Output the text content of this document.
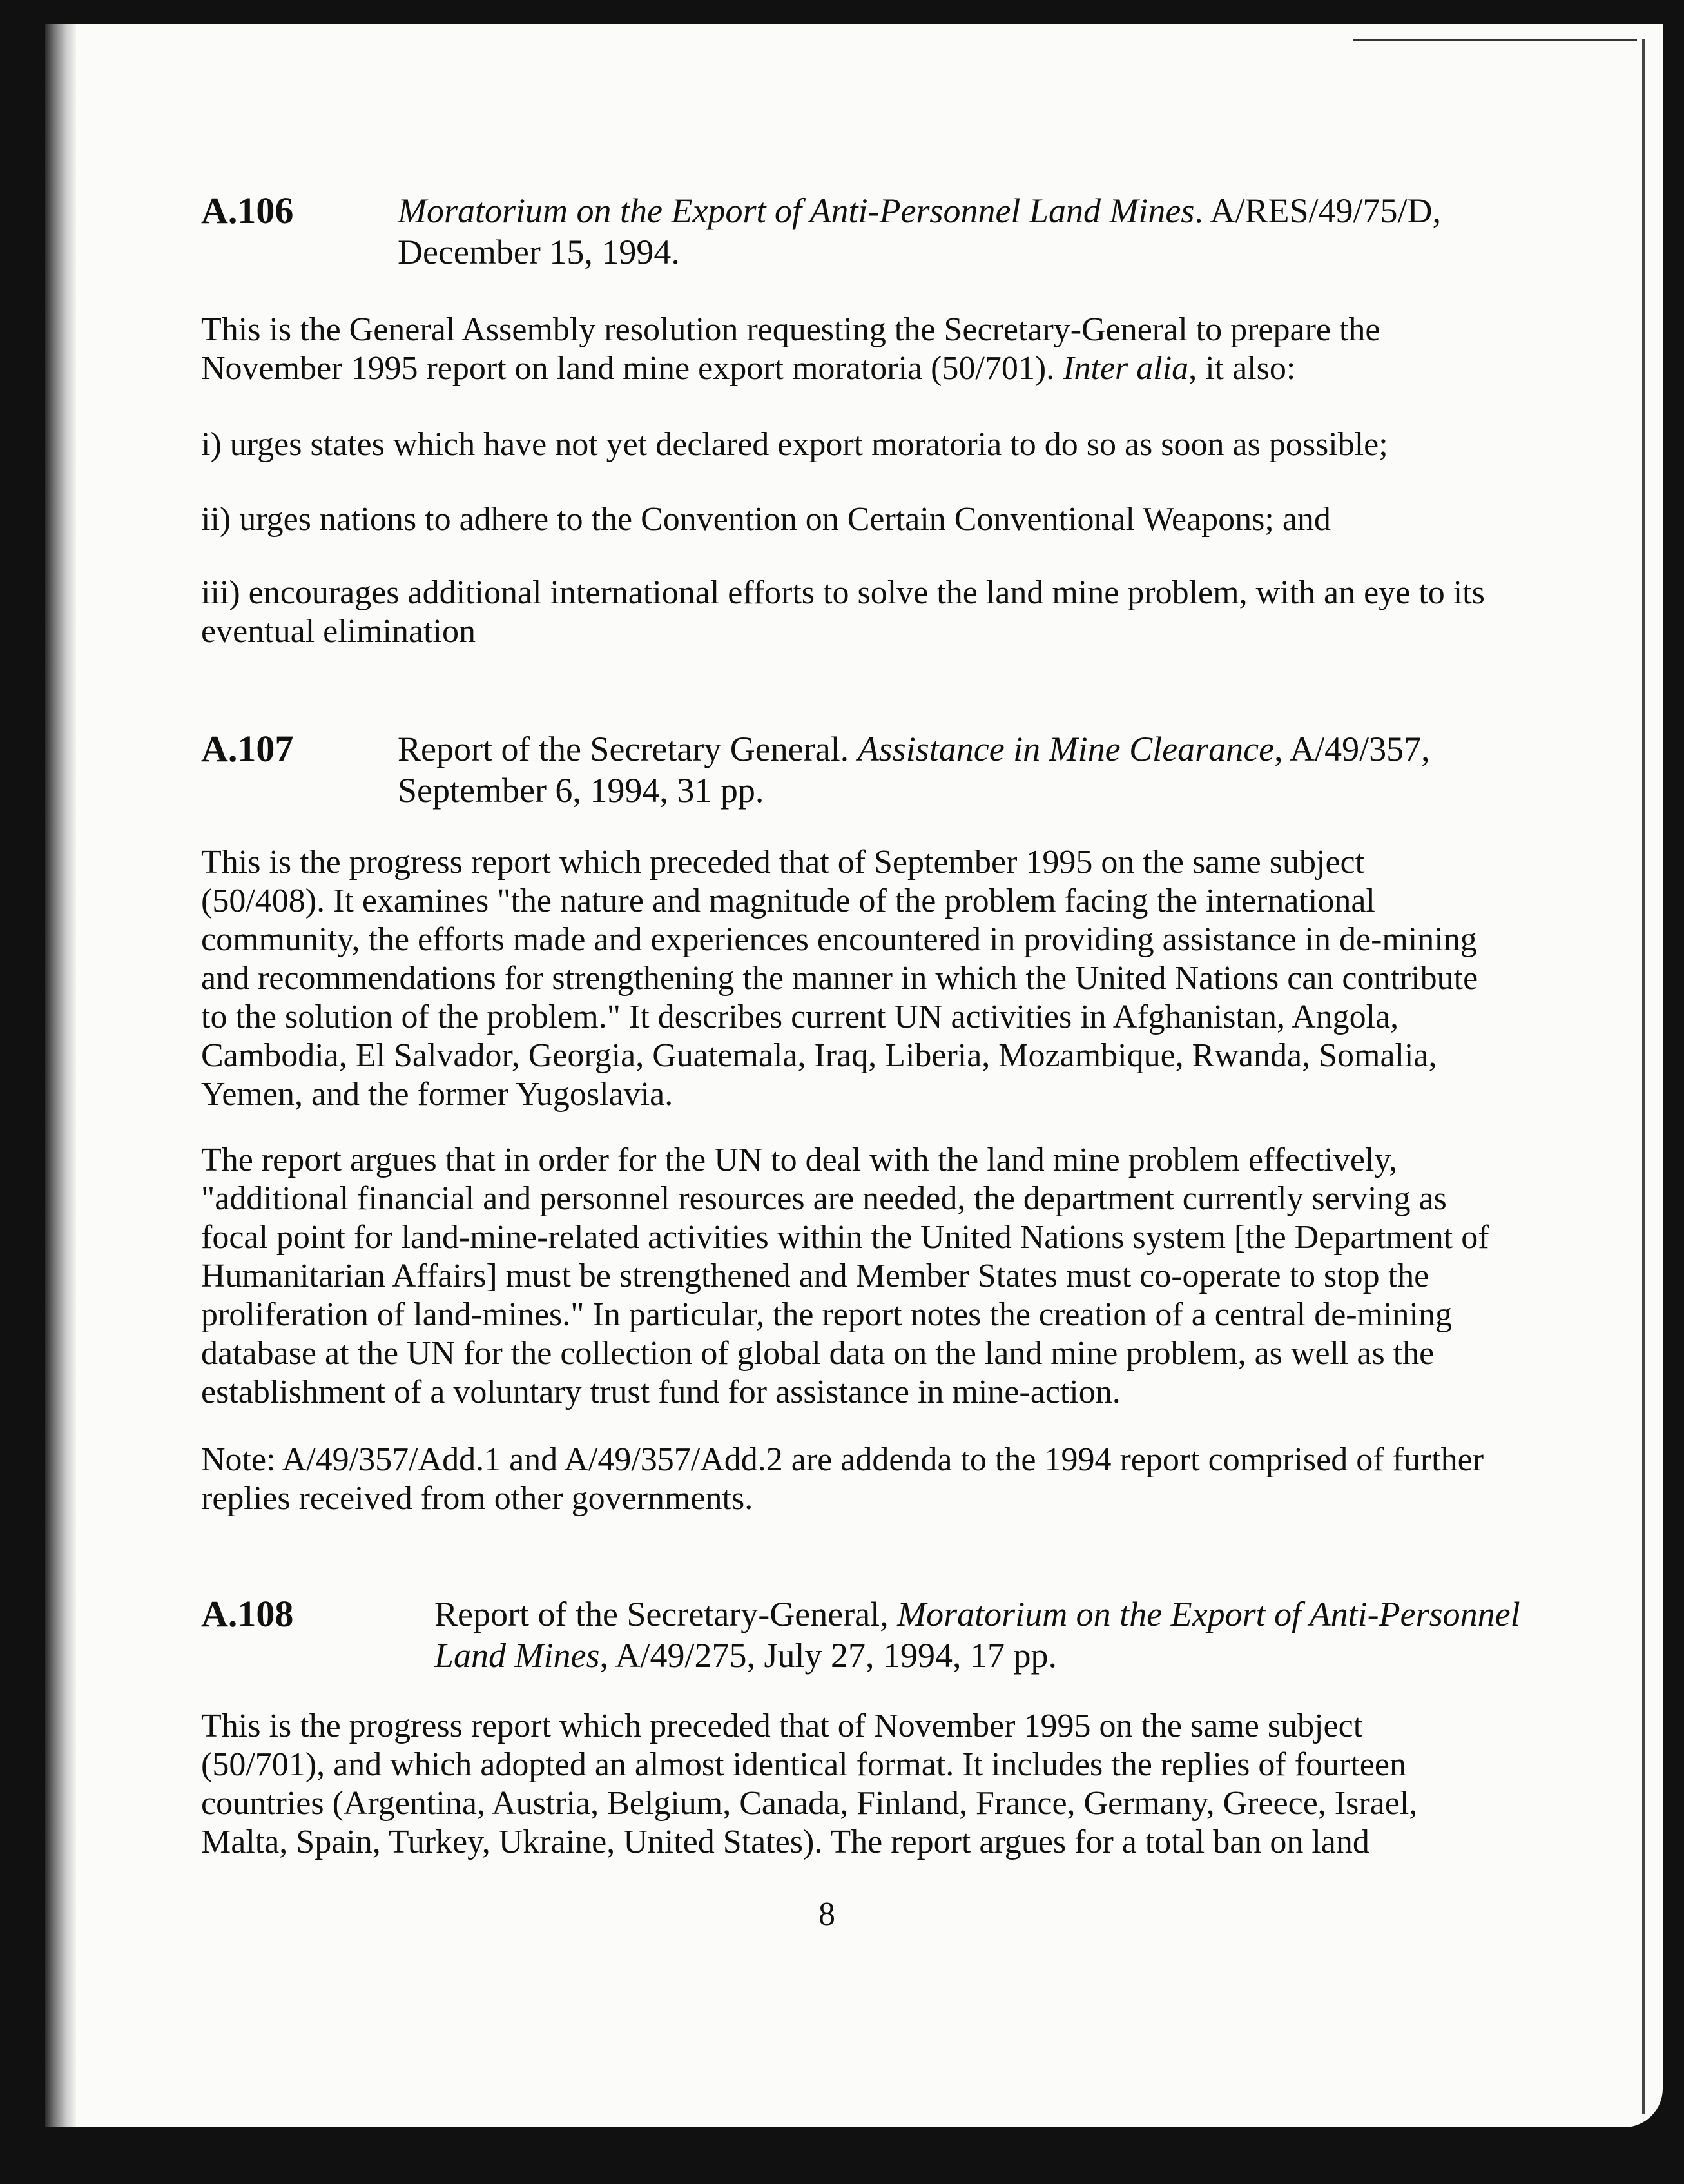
A.106	Moratorium on the Export of Anti-Personnel Land Mines. A/RES/49/75/D,
December 15, 1994.

This is the General Assembly resolution requesting the Secretary-General to prepare the November 1995 report on land mine export moratoria (50/701). Inter alia, it also:

i) urges states which have not yet declared export moratoria to do so as soon as possible;

ii) urges nations to adhere to the Convention on Certain Conventional Weapons; and

iii) encourages additional international efforts to solve the land mine problem, with an eye to its eventual elimination

A.107	Report of the Secretary General. Assistance in Mine Clearance, A/49/357,
September 6, 1994, 31 pp.

This is the progress report which preceded that of September 1995 on the same subject (50/408). It examines "the nature and magnitude of the problem facing the international community, the efforts made and experiences encountered in providing assistance in de-mining and recommendations for strengthening the manner in which the United Nations can contribute to the solution of the problem." It describes current UN activities in Afghanistan, Angola, Cambodia, El Salvador, Georgia, Guatemala, Iraq, Liberia, Mozambique, Rwanda, Somalia, Yemen, and the former Yugoslavia.

The report argues that in order for the UN to deal with the land mine problem effectively, "additional financial and personnel resources are needed, the department currently serving as focal point for land-mine-related activities within the United Nations system [the Department of Humanitarian Affairs] must be strengthened and Member States must co-operate to stop the proliferation of land-mines." In particular, the report notes the creation of a central de-mining database at the UN for the collection of global data on the land mine problem, as well as the establishment of a voluntary trust fund for assistance in mine-action.

Note: A/49/357/Add.1 and A/49/357/Add.2 are addenda to the 1994 report comprised of further replies received from other governments.

A.108	Report of the Secretary-General, Moratorium on the Export of Anti-Personnel
Land Mines, A/49/275, July 27, 1994, 17 pp.

This is the progress report which preceded that of November 1995 on the same subject (50/701), and which adopted an almost identical format. It includes the replies of fourteen countries (Argentina, Austria, Belgium, Canada, Finland, France, Germany, Greece, Israel, Malta, Spain, Turkey, Ukraine, United States). The report argues for a total ban on land

8
